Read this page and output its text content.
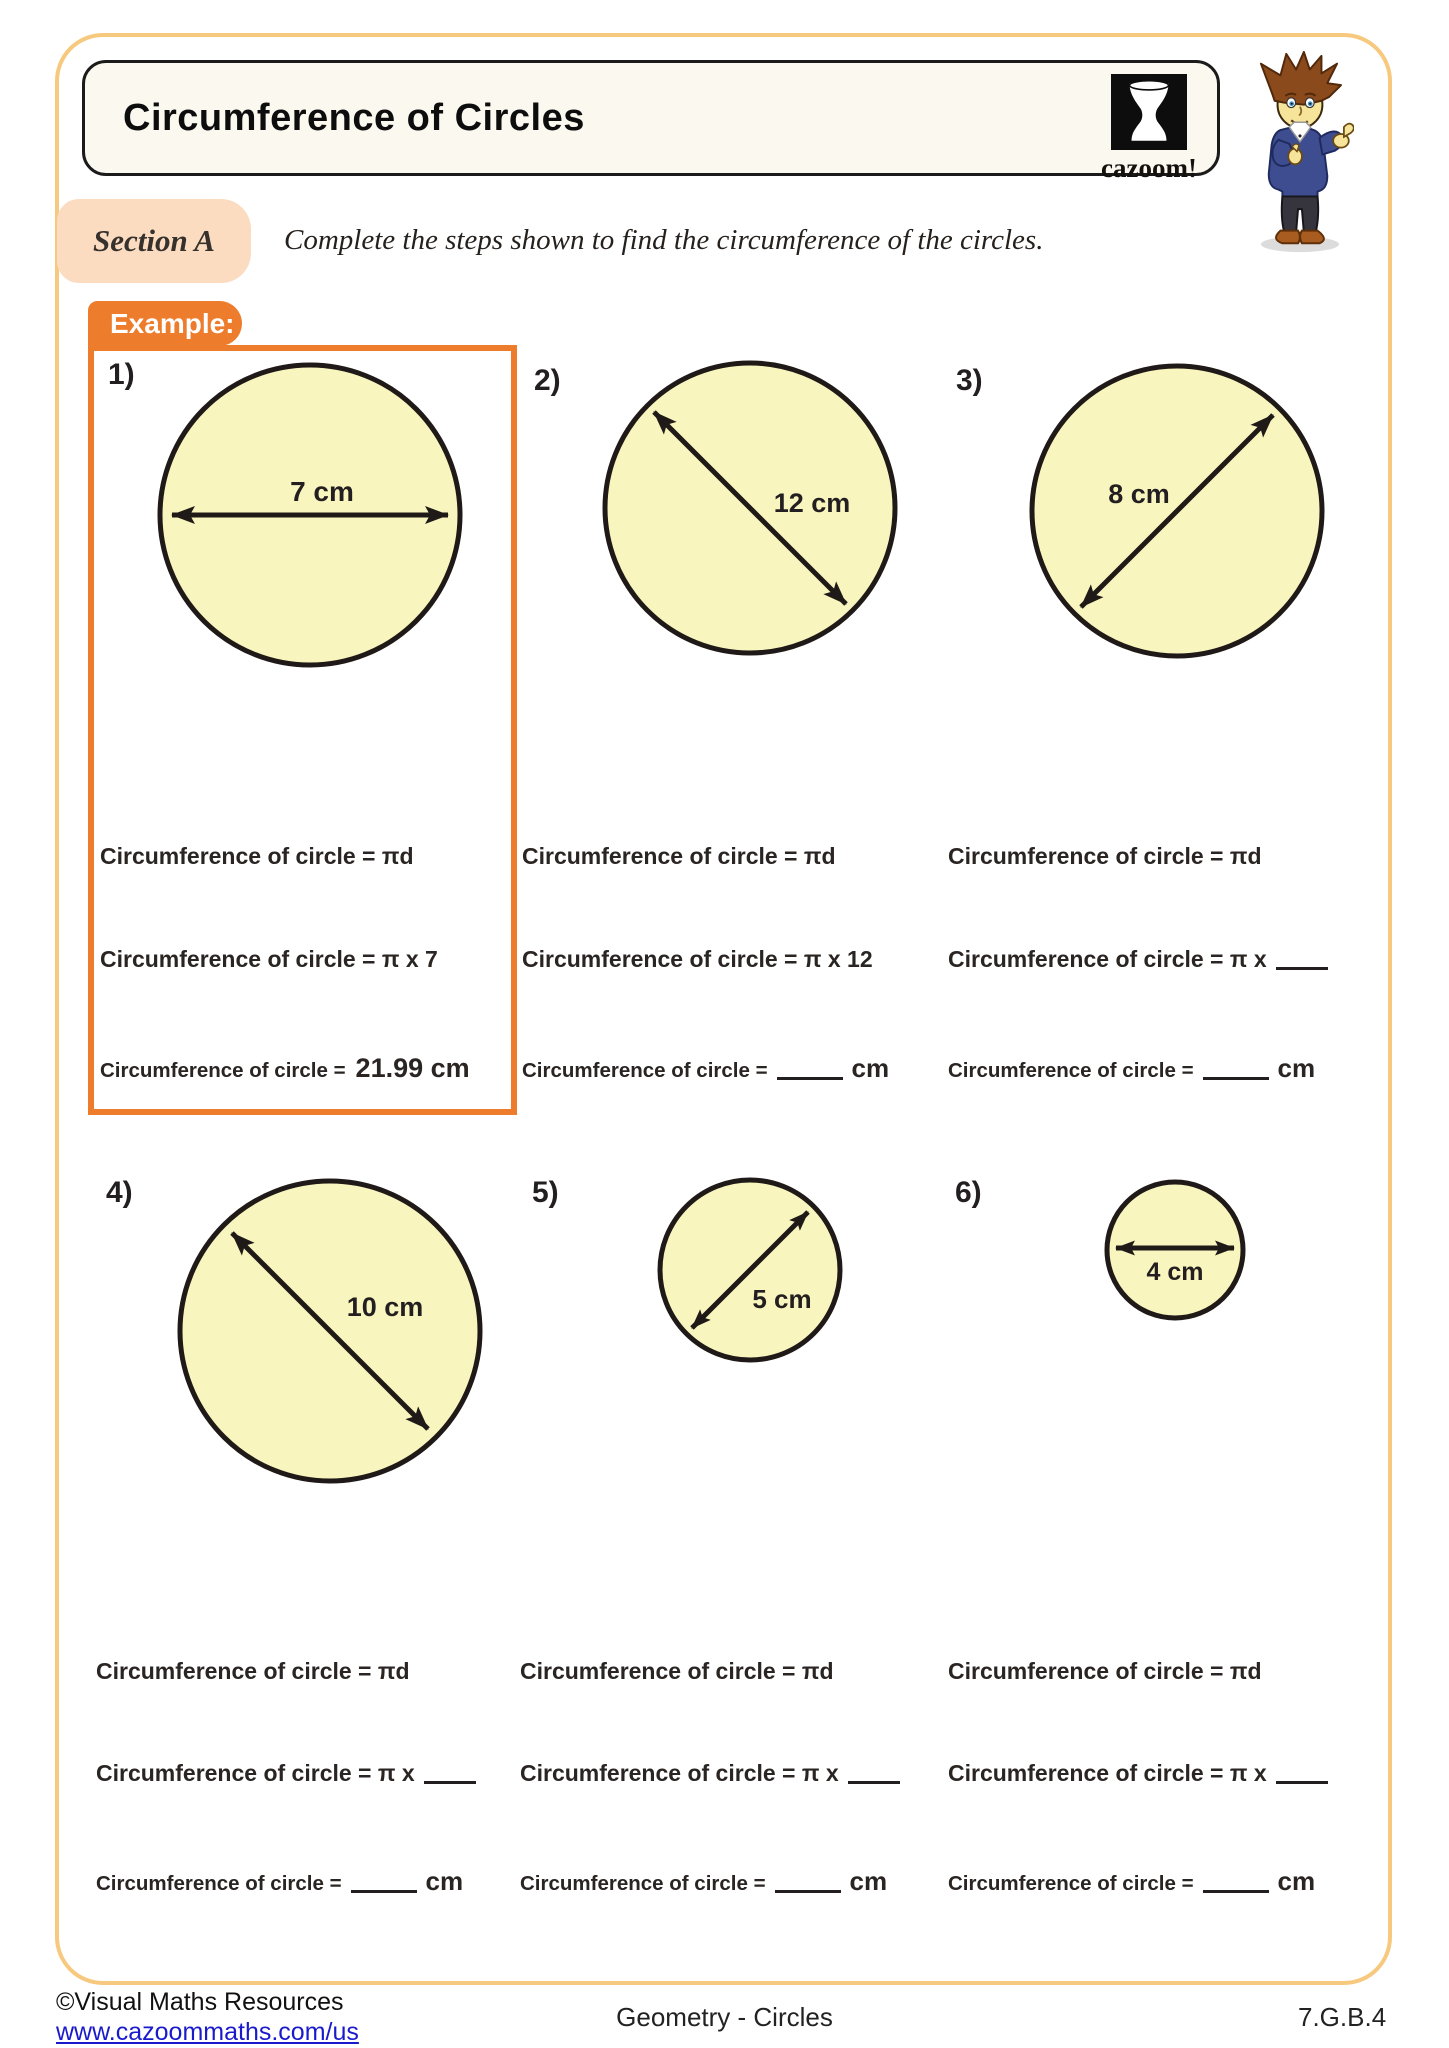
Circumference of Circles
cazoom!
Section A Complete the steps shown to find the circumference of the circles.
Example:
1)	2)	3)
4)	5)	6)
7 cm	12 cm	8 cm
10 cm	5 cm
4 cm
Circumference of circle = πd
Circumference of circle = π x 7
Circumference of circle = 21.99 cm
Circumference of circle = πd
Circumference of circle = π x 12
Circumference of circle =	cm
Circumference of circle = πd
Circumference of circle = π x
Circumference of circle =	cm
Circumference of circle = πd
Circumference of circle = π x
Circumference of circle =	cm
Circumference of circle = πd
Circumference of circle = π x
Circumference of circle =	cm
Circumference of circle = πd
Circumference of circle = π x
Circumference of circle =	cm
©Visual Maths Resources
www.cazoommaths.com/us	Geometry - Circles	7.G.B.4
